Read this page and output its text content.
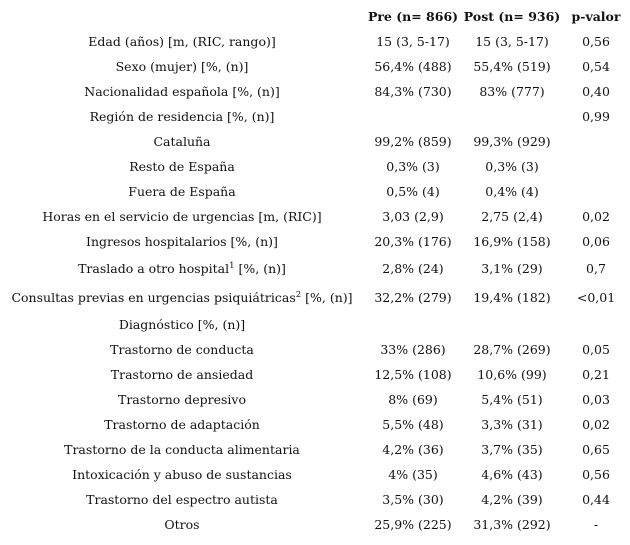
	Pre (n= 866)	Post (n= 936)	p-valor
Edad (años) [m, (RIC, rango)]	15 (3, 5-17)	15 (3, 5-17)	0,56
Sexo (mujer) [%, (n)]	56,4% (488)	55,4% (519)	0,54
Nacionalidad española [%, (n)]	84,3% (730)	83% (777)	0,40
Región de residencia [%, (n)]			0,99
Cataluña	99,2% (859)	99,3% (929)	
Resto de España	0,3% (3)	0,3% (3)	
Fuera de España	0,5% (4)	0,4% (4)	
Horas en el servicio de urgencias [m, (RIC)]	3,03 (2,9)	2,75 (2,4)	0,02
Ingresos hospitalarios [%, (n)]	20,3% (176)	16,9% (158)	0,06
Traslado a otro hospital$^1$ [%, (n)]	2,8% (24)	3,1% (29)	0,7
Consultas previas en urgencias psiquiátricas$^2$ [%, (n)]	32,2% (279)	19,4% (182)	<0,01
Diagnóstico [%, (n)]			
Trastorno de conducta	33% (286)	28,7% (269)	0,05
Trastorno de ansiedad	12,5% (108)	10,6% (99)	0,21
Trastorno depresivo	8% (69)	5,4% (51)	0,03
Trastorno de adaptación	5,5% (48)	3,3% (31)	0,02
Trastorno de la conducta alimentaria	4,2% (36)	3,7% (35)	0,65
Intoxicación y abuso de sustancias	4% (35)	4,6% (43)	0,56
Trastorno del espectro autista	3,5% (30)	4,2% (39)	0,44
Otros	25,9% (225)	31,3% (292)	-
